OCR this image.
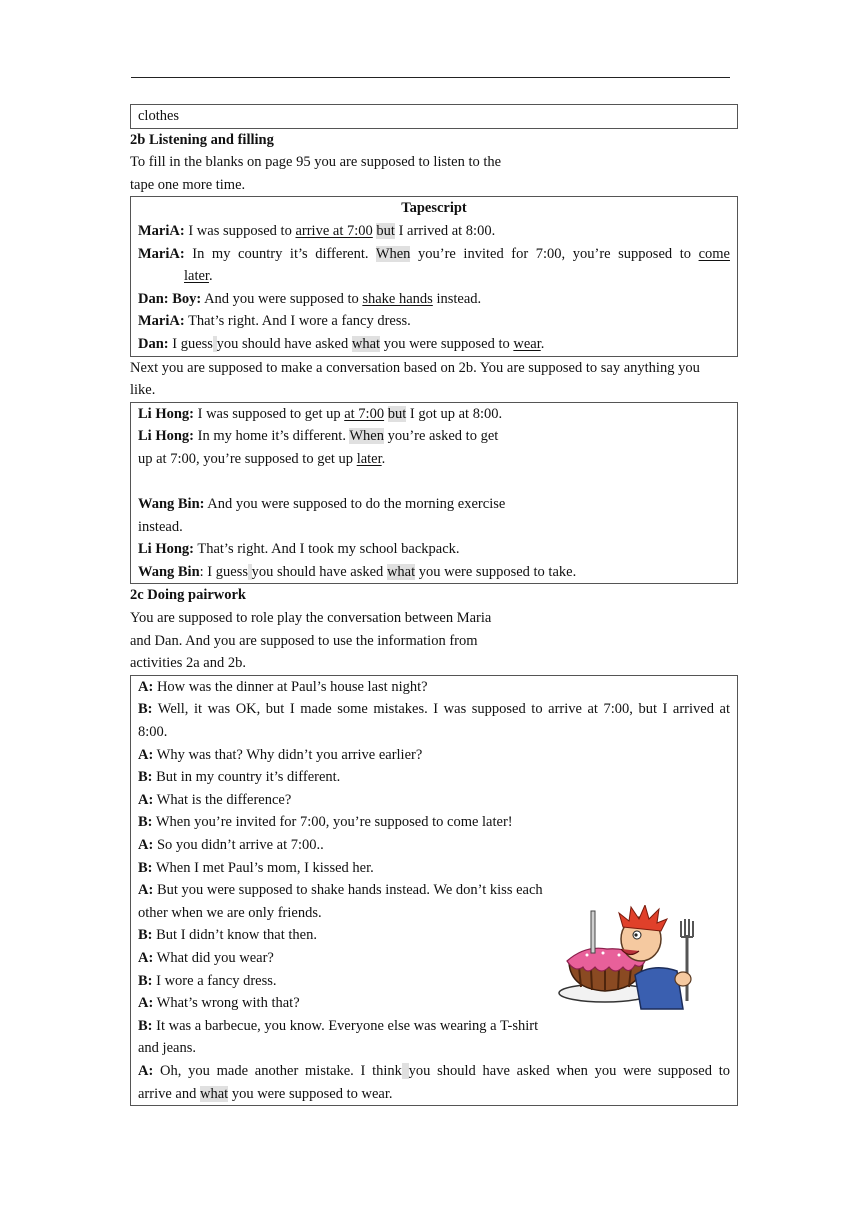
clothes
2b Listening and filling
To fill in the blanks on page 95 you are supposed to listen to the
tape one more time.
Tapescript
MariA: I was supposed to arrive at 7:00 but I arrived at 8:00.
MariA: In my country it’s different. When you’re invited for 7:00, you’re supposed to come
later.
Dan: Boy: And you were supposed to shake hands instead.
MariA: That’s right. And I wore a fancy dress.
Dan: I guess you should have asked what you were supposed to wear.
Next you are supposed to make a conversation based on 2b. You are supposed to say anything you
like.
Li Hong: I was supposed to get up at 7:00 but I got up at 8:00.
Li Hong: In my home it’s different. When you’re asked to get
up at 7:00, you’re supposed to get up later.
Wang Bin: And you were supposed to do the morning exercise
instead.
Li Hong: That’s right. And I took my school backpack.
Wang Bin: I guess you should have asked what you were supposed to take.
2c Doing pairwork
You are supposed to role play the conversation between Maria
and Dan. And you are supposed to use the information from
activities 2a and 2b.
A: How was the dinner at Paul’s house last night?
B: Well, it was OK, but I made some mistakes. I was supposed to arrive at 7:00, but I arrived at
8:00.
A: Why was that? Why didn’t you arrive earlier?
B: But in my country it’s different.
A: What is the difference?
B: When you’re invited for 7:00, you’re supposed to come later!
A: So you didn’t arrive at 7:00..
B: When I met Paul’s mom, I kissed her.
A: But you were supposed to shake hands instead. We don’t kiss each
other when we are only friends.
B: But I didn’t know that then.
A: What did you wear?
B: I wore a fancy dress.
A: What’s wrong with that?
B: It was a barbecue, you know. Everyone else was wearing a T-shirt
and jeans.
A: Oh, you made another mistake. I think you should have asked when you were supposed to
arrive and what you were supposed to wear.
